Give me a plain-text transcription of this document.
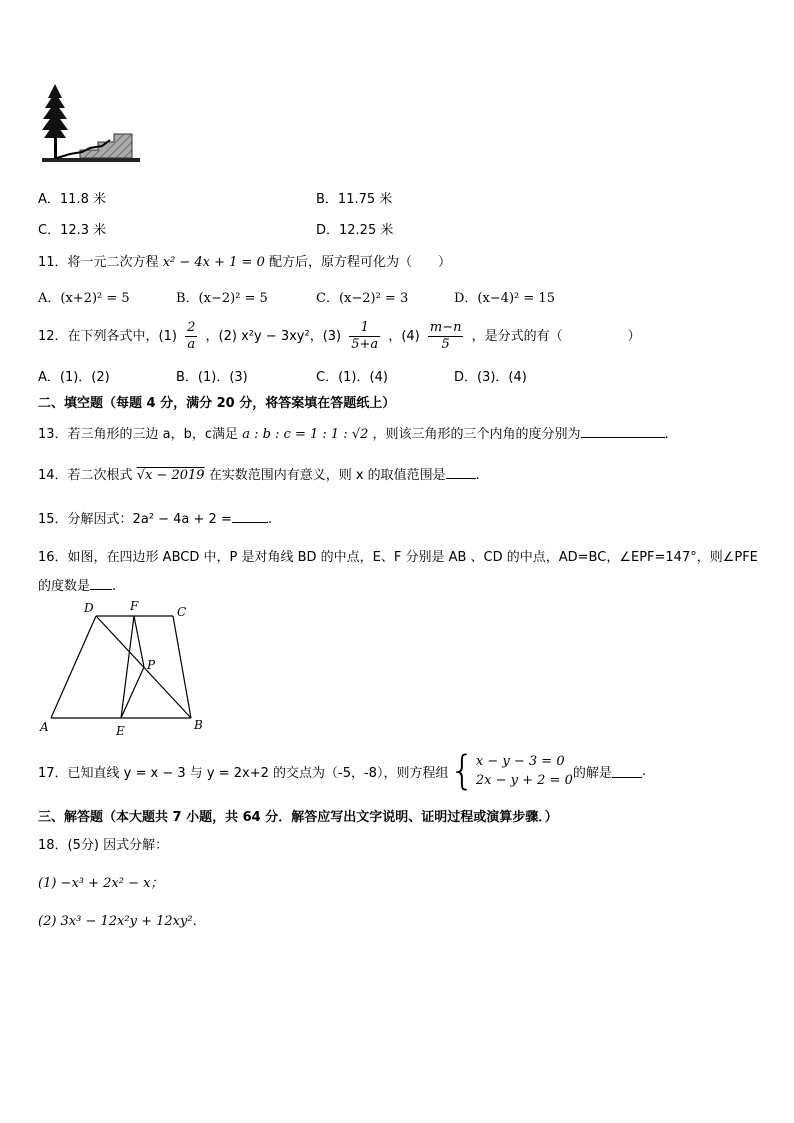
A．11.8 米	B．11.75 米
C．12.3 米	D．12.25 米
11．将一元二次方程 x² − 4x + 1 = 0 配方后，原方程可化为（　　）
A．(x+2)² = 5	B．(x−2)² = 5	C．(x−2)² = 3	D．(x−4)² = 15
12．在下列各式中，$(1) \frac{2}{a}$ ，(2) x²y − 3xy²，$(3) \frac{1}{5+a}$ ，$(4) \frac{m-n}{5}$ ，是分式的有（　　　　　）
A．(1)．(2)	B．(1)．(3)	C．(1)．(4)	D．(3)．(4)
二、填空题（每题 4 分，满分 20 分，将答案填在答题纸上）
13．若三角形的三边 a，b，c满足 a : b : c = 1 : 1 : √2 ，则该三角形的三个内角的度分别为	.
14．若二次根式 √x − 2019 在实数范围内有意义，则 x 的取值范围是 .
15．分解因式：2a² − 4a + 2 =	.
16．如图，在四边形 ABCD 中，P 是对角线 BD 的中点，E、F 分别是 AB 、CD 的中点，AD=BC，∠EPF=147°，则∠PFE
的度数是 .
D	F	C
P
A	E	B
17．已知直线 y = x − 3 与 y = 2x+2 的交点为（-5，-8），则方程组 { x − y − 3 = 0
2x − y + 2 = 0 的解是 .
三、解答题（本大题共 7 小题，共 64 分．解答应写出文字说明、证明过程或演算步骤．）
18．(5分) 因式分解：
(1) −x³ + 2x² − x；
(2) 3x³ − 12x²y + 12xy²．
